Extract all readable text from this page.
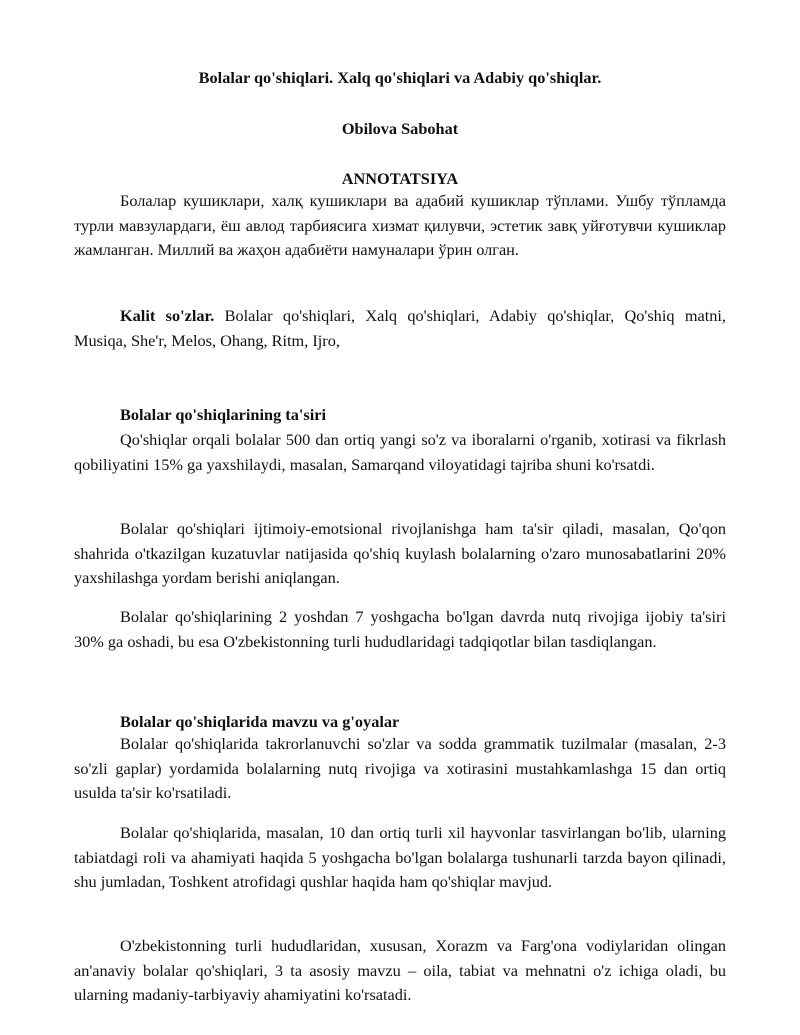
Bolalar qo'shiqlari. Xalq qo'shiqlari va Adabiy qo'shiqlar.
Obilova Sabohat
ANNOTATSIYA

Болалар кушиклари, халқ кушиклари ва адабий кушиклар тўплами. Ушбу тўпламда турли мавзулардаги, ёш авлод тарбиясига хизмат қилувчи, эстетик завқ уйғотувчи кушиклар жамланган. Миллий ва жаҳон адабиёти намуналари ўрин олган.

Kalit so'zlar. Bolalar qo'shiqlari, Xalq qo'shiqlari, Adabiy qo'shiqlar, Qo'shiq matni, Musiqa, She'r, Melos, Ohang, Ritm, Ijro,

Bolalar qo'shiqlarining ta'siri

Qo'shiqlar orqali bolalar 500 dan ortiq yangi so'z va iboralarni o'rganib, xotirasi va fikrlash qobiliyatini 15% ga yaxshilaydi, masalan, Samarqand viloyatidagi tajriba shuni ko'rsatdi.

Bolalar qo'shiqlari ijtimoiy-emotsional rivojlanishga ham ta'sir qiladi, masalan, Qo'qon shahrida o'tkazilgan kuzatuvlar natijasida qo'shiq kuylash bolalarning o'zaro munosabatlarini 20% yaxshilashga yordam berishi aniqlangan.

Bolalar qo'shiqlarining 2 yoshdan 7 yoshgacha bo'lgan davrda nutq rivojiga ijobiy ta'siri 30% ga oshadi, bu esa O'zbekistonning turli hududlaridagi tadqiqotlar bilan tasdiqlangan.

Bolalar qo'shiqlarida mavzu va g'oyalar

Bolalar qo'shiqlarida takrorlanuvchi so'zlar va sodda grammatik tuzilmalar (masalan, 2-3 so'zli gaplar) yordamida bolalarning nutq rivojiga va xotirasini mustahkamlashga 15 dan ortiq usulda ta'sir ko'rsatiladi.

Bolalar qo'shiqlarida, masalan, 10 dan ortiq turli xil hayvonlar tasvirlangan bo'lib, ularning tabiatdagi roli va ahamiyati haqida 5 yoshgacha bo'lgan bolalarga tushunarli tarzda bayon qilinadi, shu jumladan, Toshkent atrofidagi qushlar haqida ham qo'shiqlar mavjud.

O'zbekistonning turli hududlaridan, xususan, Xorazm va Farg'ona vodiylaridan olingan an'anaviy bolalar qo'shiqlari, 3 ta asosiy mavzu – oila, tabiat va mehnatni o'z ichiga oladi, bu ularning madaniy-tarbiyaviy ahamiyatini ko'rsatadi.
